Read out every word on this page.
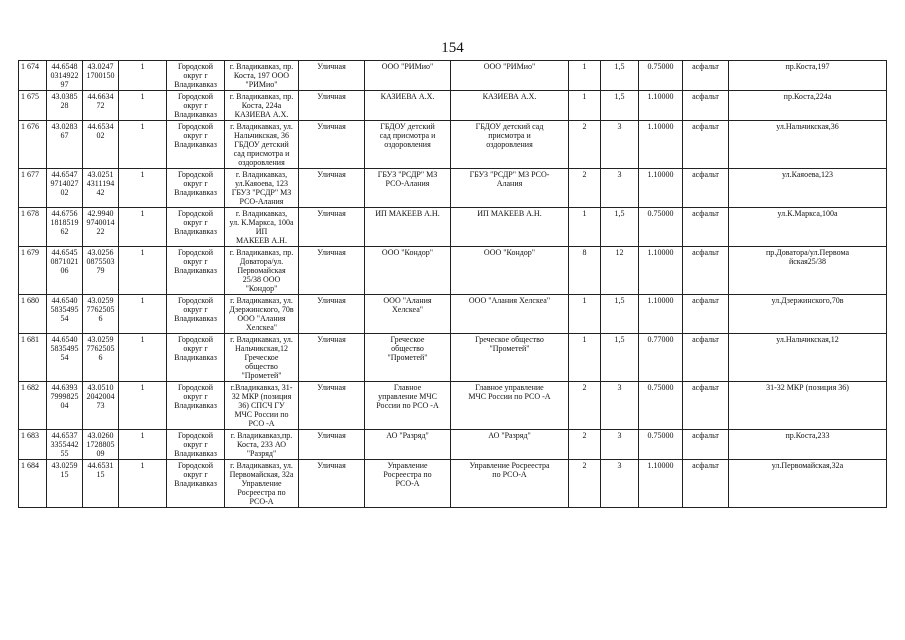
154
1 674	44.6548
0314922
97	43.0247
1700150	1	Городской
округ г
Владикавказ	г. Владикавказ, пр.
Коста, 197 ООО
"РИМио"	Уличная	ООО "РИМио"	ООО "РИМио"	1	1,5	0.75000	асфальт	пр.Коста,197
1 675	43.0385
28	44.6634
72	1	Городской
округ г
Владикавказ	г. Владикавказ, пр.
Коста, 224а
КАЗИЕВА А.Х.	Уличная	КАЗИЕВА А.Х.	КАЗИЕВА А.Х.	1	1,5	1.10000	асфальт	пр.Коста,224а
1 676	43.0283
67	44.6534
02	1	Городской
округ г
Владикавказ	г. Владикавказ, ул.
Нальчикская, 36
ГБДОУ детский
сад присмотра и
оздоровления	Уличная	ГБДОУ детский
сад присмотра и
оздоровления	ГБДОУ детский сад
присмотра и
оздоровления	2	3	1.10000	асфальт	ул.Нальчикская,36
1 677	44.6547
9714027
02	43.0251
4311194
42	1	Городской
округ г
Владикавказ	г. Владикавказ,
ул.Каяоева, 123
ГБУЗ "РСДР" МЗ
РСО-Алания	Уличная	ГБУЗ "РСДР" МЗ
РСО-Алания	ГБУЗ "РСДР" МЗ РСО-
Алания	2	3	1.10000	асфальт	ул.Каяоева,123
1 678	44.6756
1818519
62	42.9940
9740014
22	1	Городской
округ г
Владикавказ	г. Владикавказ,
ул. К.Маркса, 100а ИП
МАКЕЕВ А.Н.	Уличная	ИП МАКЕЕВ А.Н.	ИП МАКЕЕВ А.Н.	1	1,5	0.75000	асфальт	ул.К.Маркса,100а
1 679	44.6545
0871021
06	43.0256
0875503
79	1	Городской
округ г
Владикавказ	г. Владикавказ, пр.
Доватора/ул.
Первомайская
25/38 ООО
"Кондор"	Уличная	ООО "Кондор"	ООО "Кондор"	8	12	1.10000	асфальт	пр.Доватора/ул.Первома
йская25/38
1 680	44.6540
5835495
54	43.0259
7762505
6	1	Городской
округ г
Владикавказ	г. Владикавказ, ул.
Дзержинского, 70в
ООО "Алания
Хелскеа"	Уличная	ООО "Алания
Хелскеа"	ООО "Алания Хелскеа"	1	1,5	1.10000	асфальт	ул.Дзержинского,70в
1 681	44.6540
5835495
54	43.0259
7762505
6	1	Городской
округ г
Владикавказ	г. Владикавказ, ул.
Нальчикская,12
Греческое
общество
"Прометей"	Уличная	Греческое
общество
"Прометей"	Греческое общество
"Прометей"	1	1,5	0.77000	асфальт	ул.Нальчикская,12
1 682	44.6393
7999825
04	43.0510
2042004
73	1	Городской
округ г
Владикавказ	г.Владикавказ, 31-
32 МКР (позиция
36) СПСЧ ГУ
МЧС России по
РСО -А	Уличная	Главное
управление МЧС
России по РСО -А	Главное управление
МЧС России по РСО -А	2	3	0.75000	асфальт	31-32 МКР (позиция 36)
1 683	44.6537
3355442
55	43.0260
1728805
09	1	Городской
округ г
Владикавказ	г. Владикавказ,пр.
Коста, 233 АО
"Разряд"	Уличная	АО "Разряд"	АО "Разряд"	2	3	0.75000	асфальт	пр.Коста,233
1 684	43.0259
15	44.6531
15	1	Городской
округ г
Владикавказ	г. Владикавказ, ул.
Первомайская, 32а
Управление
Росреестра по
РСО-А	Уличная	Управление
Росреестра по
РСО-А	Управление Росреестра
по РСО-А	2	3	1.10000	асфальт	ул.Первомайская,32а
